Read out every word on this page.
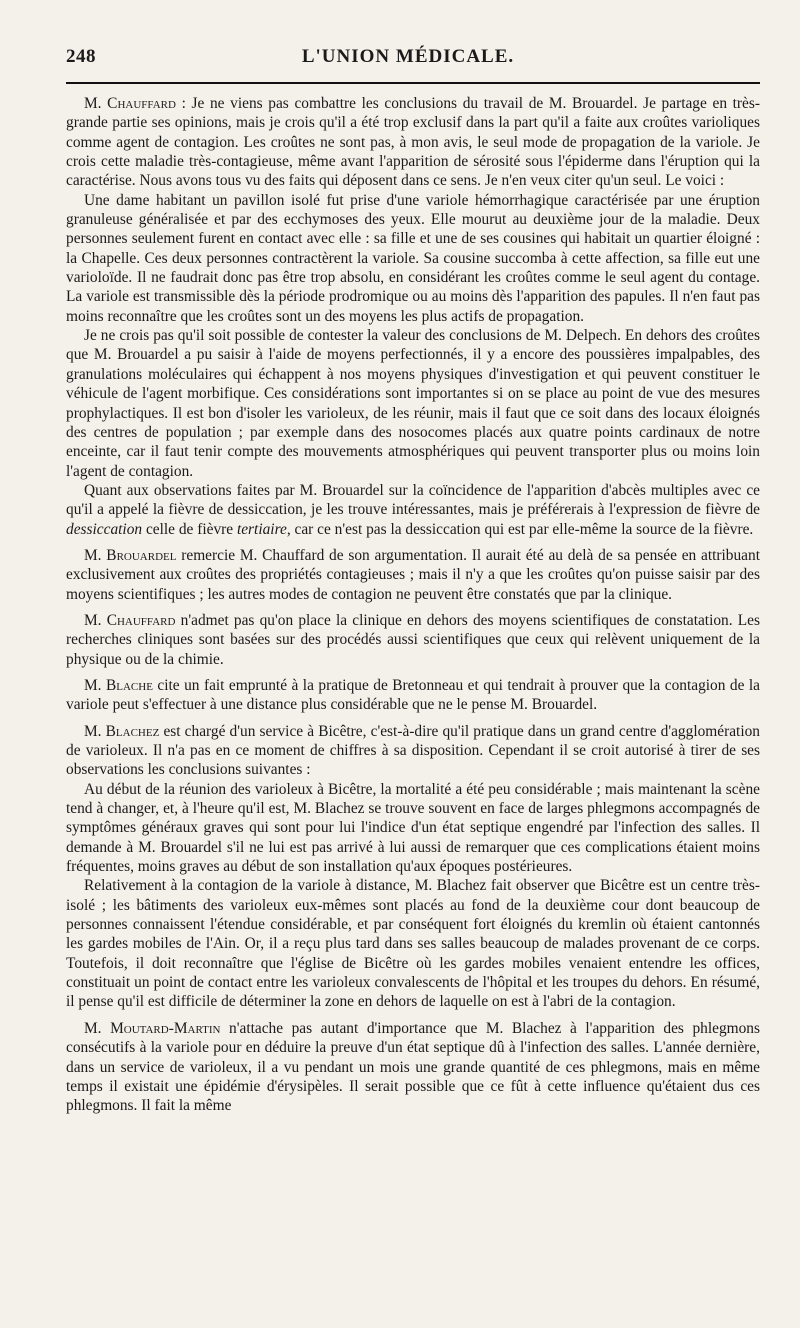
248	L'UNION MÉDICALE.

M. Chauffard : Je ne viens pas combattre les conclusions du travail de M. Brouardel. Je partage en très-grande partie ses opinions, mais je crois qu'il a été trop exclusif dans la part qu'il a faite aux croûtes varioliques comme agent de contagion. Les croûtes ne sont pas, à mon avis, le seul mode de propagation de la variole. Je crois cette maladie très-contagieuse, même avant l'apparition de sérosité sous l'épiderme dans l'éruption qui la caractérise. Nous avons tous vu des faits qui déposent dans ce sens. Je n'en veux citer qu'un seul. Le voici :

Une dame habitant un pavillon isolé fut prise d'une variole hémorrhagique caractérisée par une éruption granuleuse généralisée et par des ecchymoses des yeux. Elle mourut au deuxième jour de la maladie. Deux personnes seulement furent en contact avec elle : sa fille et une de ses cousines qui habitait un quartier éloigné : la Chapelle. Ces deux personnes contractèrent la variole. Sa cousine succomba à cette affection, sa fille eut une varioloïde. Il ne faudrait donc pas être trop absolu, en considérant les croûtes comme le seul agent du contage. La variole est transmissible dès la période prodromique ou au moins dès l'apparition des papules. Il n'en faut pas moins reconnaître que les croûtes sont un des moyens les plus actifs de propagation.

Je ne crois pas qu'il soit possible de contester la valeur des conclusions de M. Delpech. En dehors des croûtes que M. Brouardel a pu saisir à l'aide de moyens perfectionnés, il y a encore des poussières impalpables, des granulations moléculaires qui échappent à nos moyens physiques d'investigation et qui peuvent constituer le véhicule de l'agent morbifique. Ces considérations sont importantes si on se place au point de vue des mesures prophylactiques. Il est bon d'isoler les varioleux, de les réunir, mais il faut que ce soit dans des locaux éloignés des centres de population ; par exemple dans des nosocomes placés aux quatre points cardinaux de notre enceinte, car il faut tenir compte des mouvements atmosphériques qui peuvent transporter plus ou moins loin l'agent de contagion.

Quant aux observations faites par M. Brouardel sur la coïncidence de l'apparition d'abcès multiples avec ce qu'il a appelé la fièvre de dessiccation, je les trouve intéressantes, mais je préférerais à l'expression de fièvre de dessiccation celle de fièvre tertiaire, car ce n'est pas la dessiccation qui est par elle-même la source de la fièvre.

M. Brouardel remercie M. Chauffard de son argumentation. Il aurait été au delà de sa pensée en attribuant exclusivement aux croûtes des propriétés contagieuses ; mais il n'y a que les croûtes qu'on puisse saisir par des moyens scientifiques ; les autres modes de contagion ne peuvent être constatés que par la clinique.

M. Chauffard n'admet pas qu'on place la clinique en dehors des moyens scientifiques de constatation. Les recherches cliniques sont basées sur des procédés aussi scientifiques que ceux qui relèvent uniquement de la physique ou de la chimie.

M. Blache cite un fait emprunté à la pratique de Bretonneau et qui tendrait à prouver que la contagion de la variole peut s'effectuer à une distance plus considérable que ne le pense M. Brouardel.

M. Blachez est chargé d'un service à Bicêtre, c'est-à-dire qu'il pratique dans un grand centre d'agglomération de varioleux. Il n'a pas en ce moment de chiffres à sa disposition. Cependant il se croit autorisé à tirer de ses observations les conclusions suivantes :

Au début de la réunion des varioleux à Bicêtre, la mortalité a été peu considérable ; mais maintenant la scène tend à changer, et, à l'heure qu'il est, M. Blachez se trouve souvent en face de larges phlegmons accompagnés de symptômes généraux graves qui sont pour lui l'indice d'un état septique engendré par l'infection des salles. Il demande à M. Brouardel s'il ne lui est pas arrivé à lui aussi de remarquer que ces complications étaient moins fréquentes, moins graves au début de son installation qu'aux époques postérieures.

Relativement à la contagion de la variole à distance, M. Blachez fait observer que Bicêtre est un centre très-isolé ; les bâtiments des varioleux eux-mêmes sont placés au fond de la deuxième cour dont beaucoup de personnes connaissent l'étendue considérable, et par conséquent fort éloignés du kremlin où étaient cantonnés les gardes mobiles de l'Ain. Or, il a reçu plus tard dans ses salles beaucoup de malades provenant de ce corps. Toutefois, il doit reconnaître que l'église de Bicêtre où les gardes mobiles venaient entendre les offices, constituait un point de contact entre les varioleux convalescents de l'hôpital et les troupes du dehors. En résumé, il pense qu'il est difficile de déterminer la zone en dehors de laquelle on est à l'abri de la contagion.

M. Moutard-Martin n'attache pas autant d'importance que M. Blachez à l'apparition des phlegmons consécutifs à la variole pour en déduire la preuve d'un état septique dû à l'infection des salles. L'année dernière, dans un service de varioleux, il a vu pendant un mois une grande quantité de ces phlegmons, mais en même temps il existait une épidémie d'érysipèles. Il serait possible que ce fût à cette influence qu'étaient dus ces phlegmons. Il fait la même
